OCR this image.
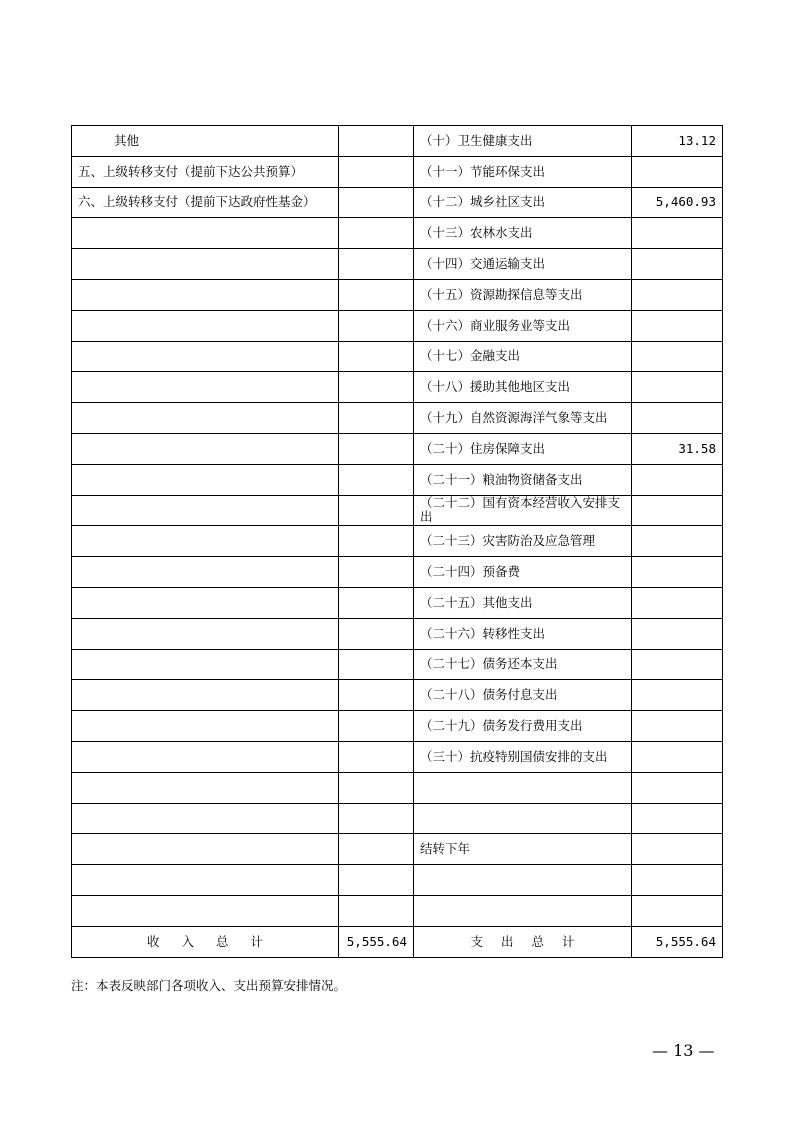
其他		（十）卫生健康支出	13.12
五、上级转移支付（提前下达公共预算）		（十一）节能环保支出	
六、上级转移支付（提前下达政府性基金）		（十二）城乡社区支出	5,460.93
		（十三）农林水支出	
		（十四）交通运输支出	
		（十五）资源勘探信息等支出	
		（十六）商业服务业等支出	
		（十七）金融支出	
		（十八）援助其他地区支出	
		（十九）自然资源海洋气象等支出	
		（二十）住房保障支出	31.58
		（二十一）粮油物资储备支出	
		（二十二）国有资本经营收入安排支出	
		（二十三）灾害防治及应急管理	
		（二十四）预备费	
		（二十五）其他支出	
		（二十六）转移性支出	
		（二十七）债务还本支出	
		（二十八）债务付息支出	
		（二十九）债务发行费用支出	
		（三十）抗疫特别国债安排的支出	

		结转下年	

收入总计	5,555.64	支出总计	5,555.64
注：本表反映部门各项收入、支出预算安排情况。
— 13 —
